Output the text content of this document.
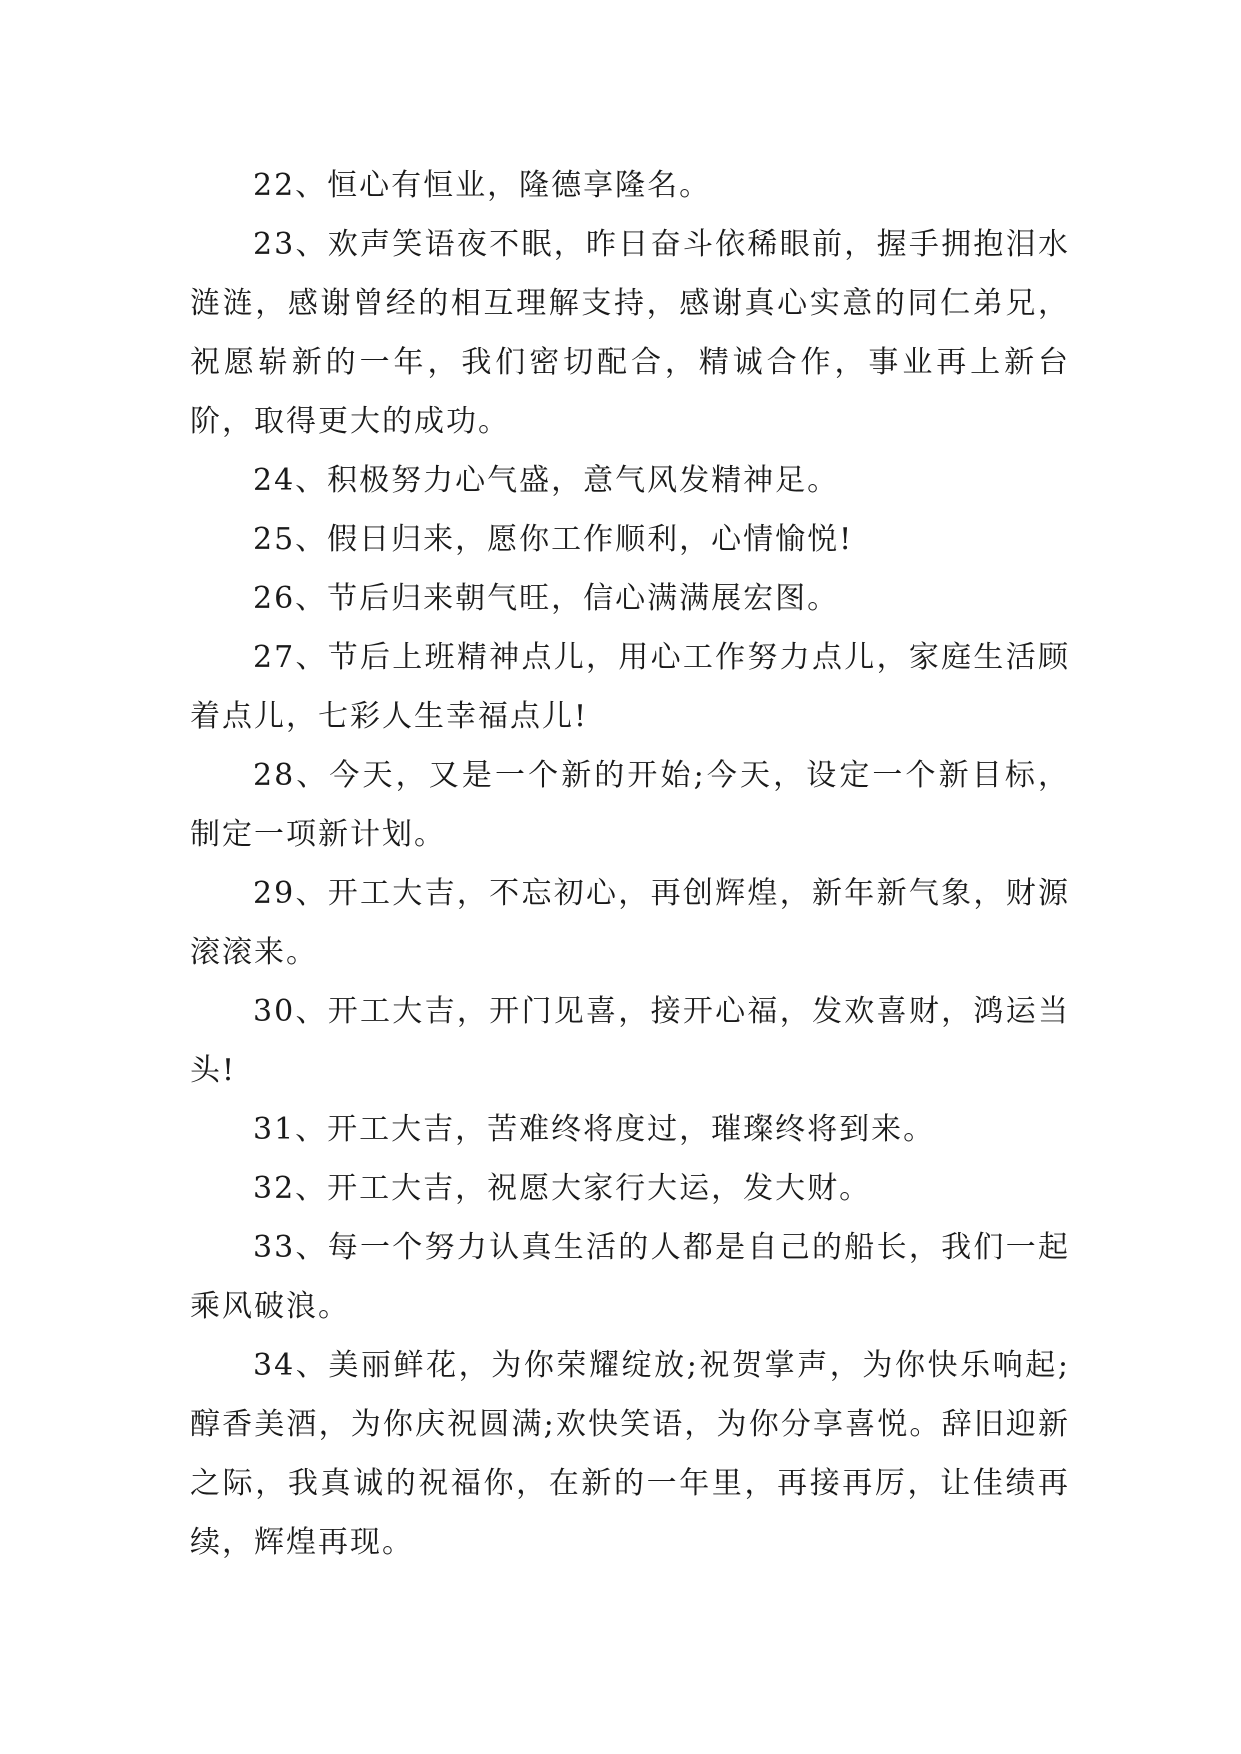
22、恒心有恒业，隆德享隆名。

23、欢声笑语夜不眠，昨日奋斗依稀眼前，握手拥抱泪水涟涟，感谢曾经的相互理解支持，感谢真心实意的同仁弟兄，祝愿崭新的一年，我们密切配合，精诚合作，事业再上新台阶，取得更大的成功。

24、积极努力心气盛，意气风发精神足。

25、假日归来，愿你工作顺利，心情愉悦!

26、节后归来朝气旺，信心满满展宏图。

27、节后上班精神点儿，用心工作努力点儿，家庭生活顾着点儿，七彩人生幸福点儿!

28、今天，又是一个新的开始;今天，设定一个新目标，制定一项新计划。

29、开工大吉，不忘初心，再创辉煌，新年新气象，财源滚滚来。

30、开工大吉，开门见喜，接开心福，发欢喜财，鸿运当头!

31、开工大吉，苦难终将度过，璀璨终将到来。

32、开工大吉，祝愿大家行大运，发大财。

33、每一个努力认真生活的人都是自己的船长，我们一起乘风破浪。

34、美丽鲜花，为你荣耀绽放;祝贺掌声，为你快乐响起;醇香美酒，为你庆祝圆满;欢快笑语，为你分享喜悦。辞旧迎新之际，我真诚的祝福你，在新的一年里，再接再厉，让佳绩再续，辉煌再现。
